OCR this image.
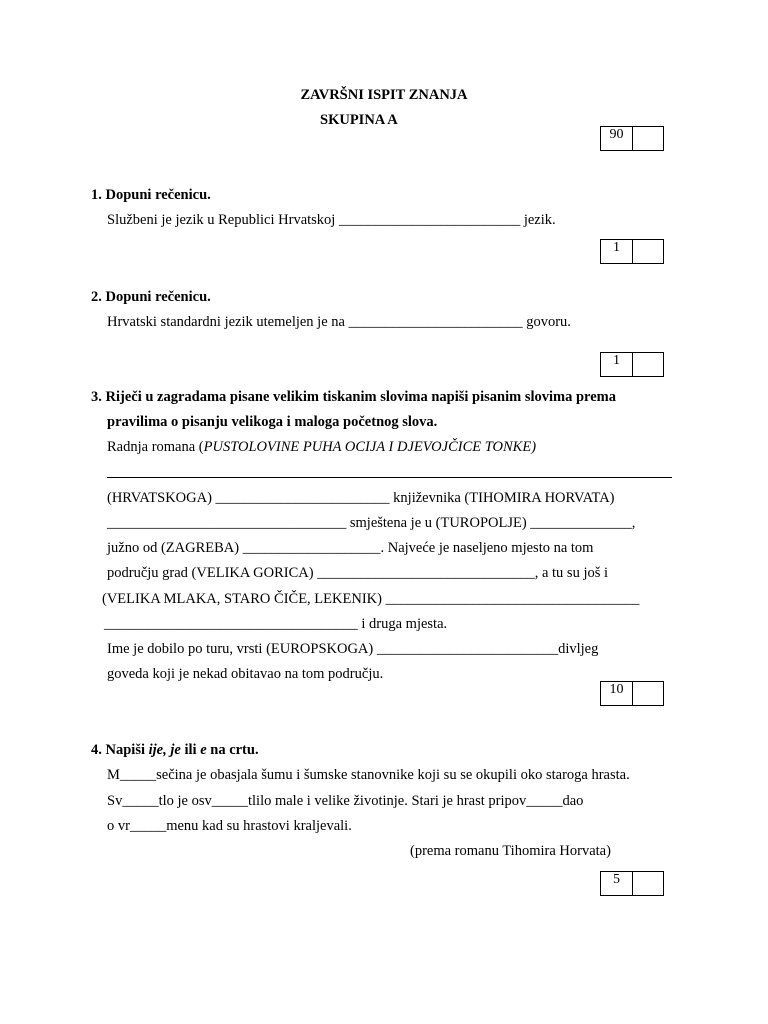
ZAVRŠNI ISPIT ZNANJA
SKUPINA A
90
1. Dopuni rečenicu.
Službeni je jezik u Republici Hrvatskoj _________________________ jezik.
1
2. Dopuni rečenicu.
Hrvatski standardni jezik utemeljen je na ________________________ govoru.
1
3. Riječi u zagradama pisane velikim tiskanim slovima napiši pisanim slovima prema
pravilima o pisanju velikoga i maloga početnog slova.
Radnja romana (PUSTOLOVINE PUHA OCIJA I DJEVOJČICE TONKE)
(HRVATSKOGA) ________________________ književnika (TIHOMIRA HORVATA)
_________________________________ smještena je u (TUROPOLJE) ______________,
južno od (ZAGREBA) ___________________. Najveće je naseljeno mjesto na tom
području grad (VELIKA GORICA) ______________________________, a tu su još i
(VELIKA MLAKA, STARO ČIČE, LEKENIK) ___________________________________
___________________________________ i druga mjesta.
Ime je dobilo po turu, vrsti (EUROPSKOGA) _________________________divljeg
goveda koji je nekad obitavao na tom području.
10
4. Napiši ije, je ili e na crtu.
M_____sečina je obasjala šumu i šumske stanovnike koji su se okupili oko staroga hrasta.
Sv_____tlo je osv_____tlilo male i velike životinje. Stari je hrast pripov_____dao
o vr_____menu kad su hrastovi kraljevali.
(prema romanu Tihomira Horvata)
5
